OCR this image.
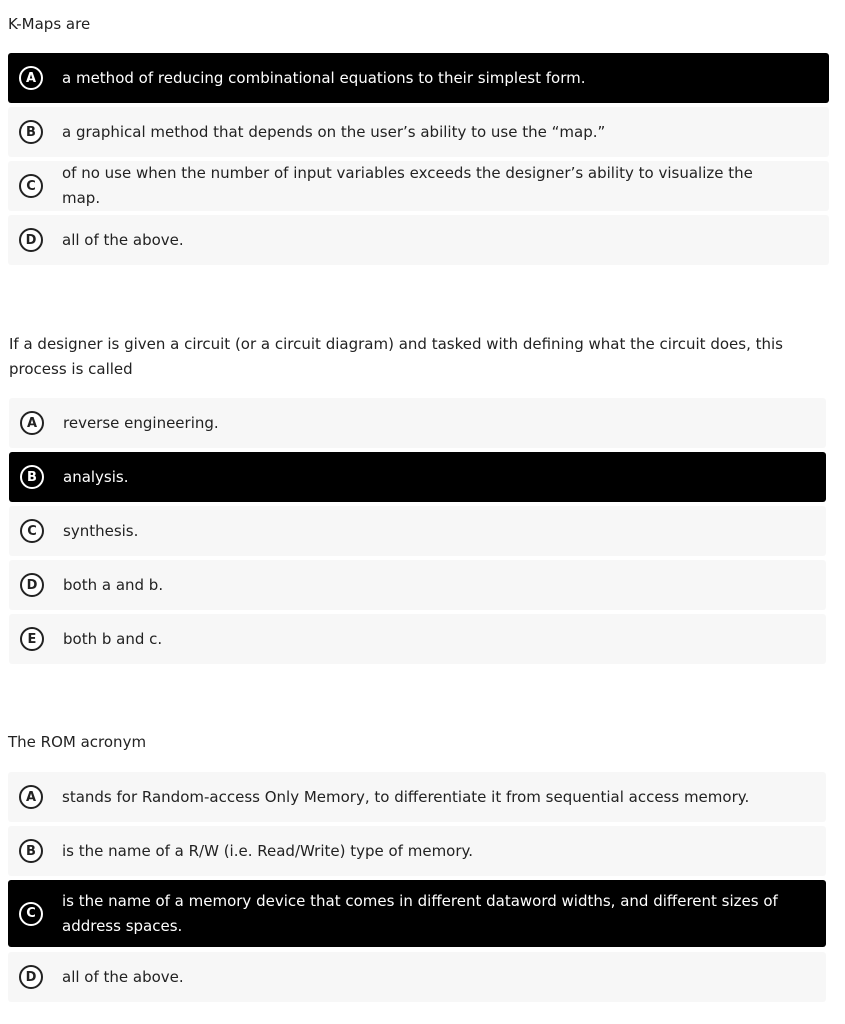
K-Maps are
A	a method of reducing combinational equations to their simplest form.
B	a graphical method that depends on the user’s ability to use the “map.”
C
of no use when the number of input variables exceeds the designer’s ability to visualize the map.
D	all of the above.
If a designer is given a circuit (or a circuit diagram) and tasked with defining what the circuit does, this process is called
A	reverse engineering.
B	analysis.
C	synthesis.
D	both a and b.
E	both b and c.
The ROM acronym
A	stands for Random-access Only Memory, to differentiate it from sequential access memory.
B	is the name of a R/W (i.e. Read/Write) type of memory.
C
is the name of a memory device that comes in different dataword widths, and different sizes of address spaces.
D	all of the above.
